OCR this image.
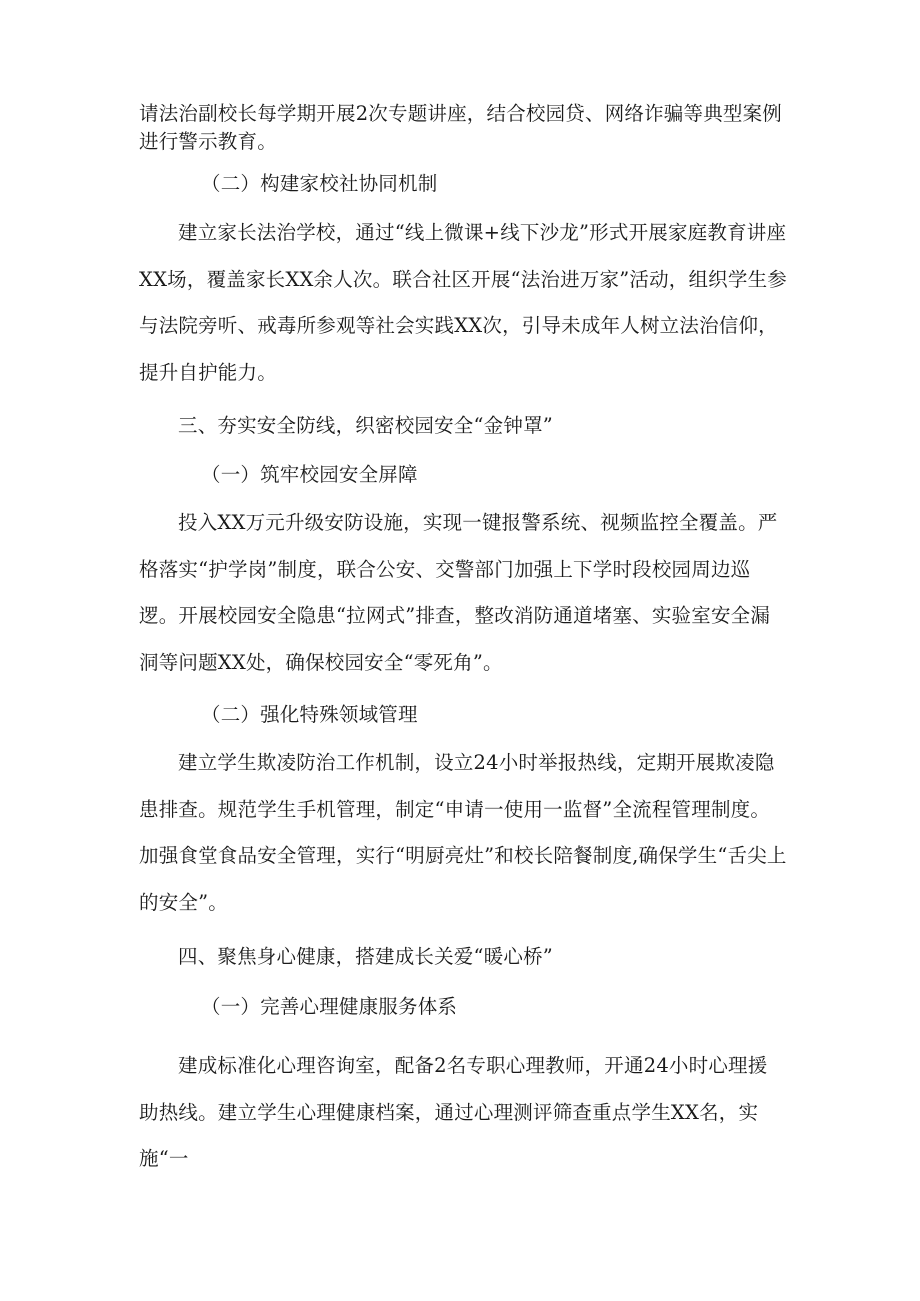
请法治副校长每学期开展2次专题讲座，结合校园贷、网络诈骗等典型案例进行警示教育。

（二）构建家校社协同机制

建立家长法治学校，通过“线上微课+线下沙龙”形式开展家庭教育讲座XX场，覆盖家长XX余人次。联合社区开展“法治进万家”活动，组织学生参与法院旁听、戒毒所参观等社会实践XX次，引导未成年人树立法治信仰，提升自护能力。

三、夯实安全防线，织密校园安全“金钟罩”

（一）筑牢校园安全屏障

投入XX万元升级安防设施，实现一键报警系统、视频监控全覆盖。严格落实“护学岗”制度，联合公安、交警部门加强上下学时段校园周边巡逻。开展校园安全隐患“拉网式”排查，整改消防通道堵塞、实验室安全漏洞等问题XX处，确保校园安全“零死角”。

（二）强化特殊领域管理

建立学生欺凌防治工作机制，设立24小时举报热线，定期开展欺凌隐患排查。规范学生手机管理，制定“申请一使用一监督”全流程管理制度。加强食堂食品安全管理，实行“明厨亮灶”和校长陪餐制度,确保学生“舌尖上的安全”。

四、聚焦身心健康，搭建成长关爱“暖心桥”

（一）完善心理健康服务体系

建成标准化心理咨询室，配备2名专职心理教师，开通24小时心理援助热线。建立学生心理健康档案，通过心理测评筛查重点学生XX名，实施“一
